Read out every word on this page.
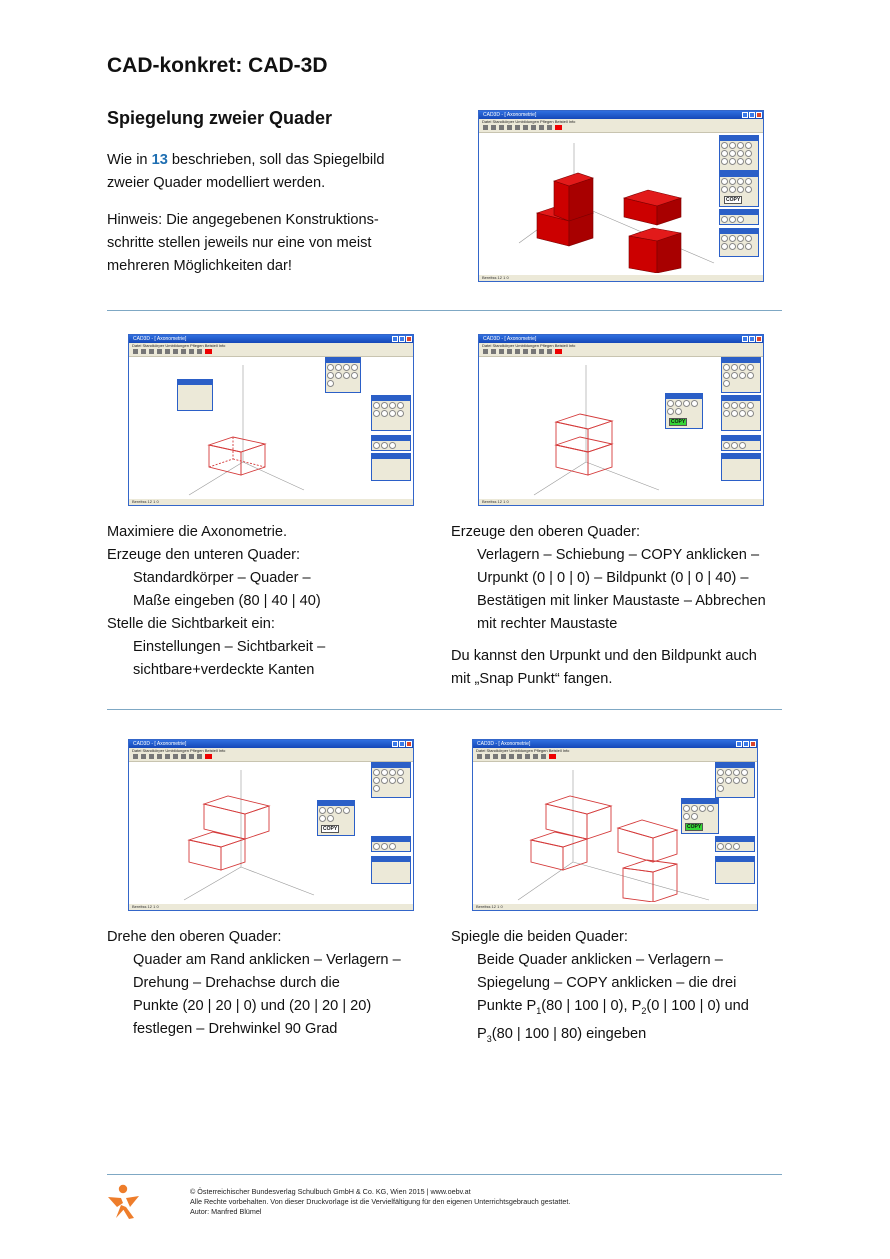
CAD-konkret: CAD-3D
Spiegelung zweier Quader

Wie in 13 beschrieben, soll das Spiegelbild zweier Quader modelliert werden.

Hinweis: Die angegebenen Konstruktions-schritte stellen jeweils nur eine von meist mehreren Möglichkeiten dar!

CAD3D - [ Axonometrie]
Datei Standkörper Umbildungen Pflegen Beistell Info
COPY
Bereitss 12 1 0
CAD3D - [ Axonometrie]
Datei Standkörper Umbildungen Pflegen Beistell Info
Bereitss 12 1 0
CAD3D - [ Axonometrie]
Datei Standkörper Umbildungen Pflegen Beistell Info
COPY
Bereitss 12 1 0
Maximiere die Axonometrie.
Erzeuge den unteren Quader:
Standardkörper – Quader –
Maße eingeben (80 | 40 | 40)
Stelle die Sichtbarkeit ein:
Einstellungen – Sichtbarkeit –
sichtbare+verdeckte Kanten
Erzeuge den oberen Quader:
Verlagern – Schiebung – COPY anklicken –
Urpunkt (0 | 0 | 0) – Bildpunkt (0 | 0 | 40) –
Bestätigen mit linker Maustaste – Abbrechen
mit rechter Maustaste
Du kannst den Urpunkt und den Bildpunkt auch
mit „Snap Punkt“ fangen.
CAD3D - [ Axonometrie]
Datei Standkörper Umbildungen Pflegen Beistell Info
COPY
Bereitss 12 1 0
CAD3D - [ Axonometrie]
Datei Standkörper Umbildungen Pflegen Beistell Info
COPY
Bereitss 12 1 0
Drehe den oberen Quader:
Quader am Rand anklicken – Verlagern –
Drehung – Drehachse durch die
Punkte (20 | 20 | 0) und (20 | 20 | 20)
festlegen – Drehwinkel 90 Grad
Spiegle die beiden Quader:
Beide Quader anklicken – Verlagern –
Spiegelung – COPY anklicken – die drei
Punkte $P_1(80$ | 100 | 0), $P_2(0$ | 100 | 0) und
$P_3(80$ | 100 | 80) eingeben
© Österreichischer Bundesverlag Schulbuch GmbH & Co. KG, Wien 2015 | www.oebv.at
Alle Rechte vorbehalten. Von dieser Druckvorlage ist die Vervielfältigung für den eigenen Unterrichtsgebrauch gestattet.
Autor: Manfred Blümel
